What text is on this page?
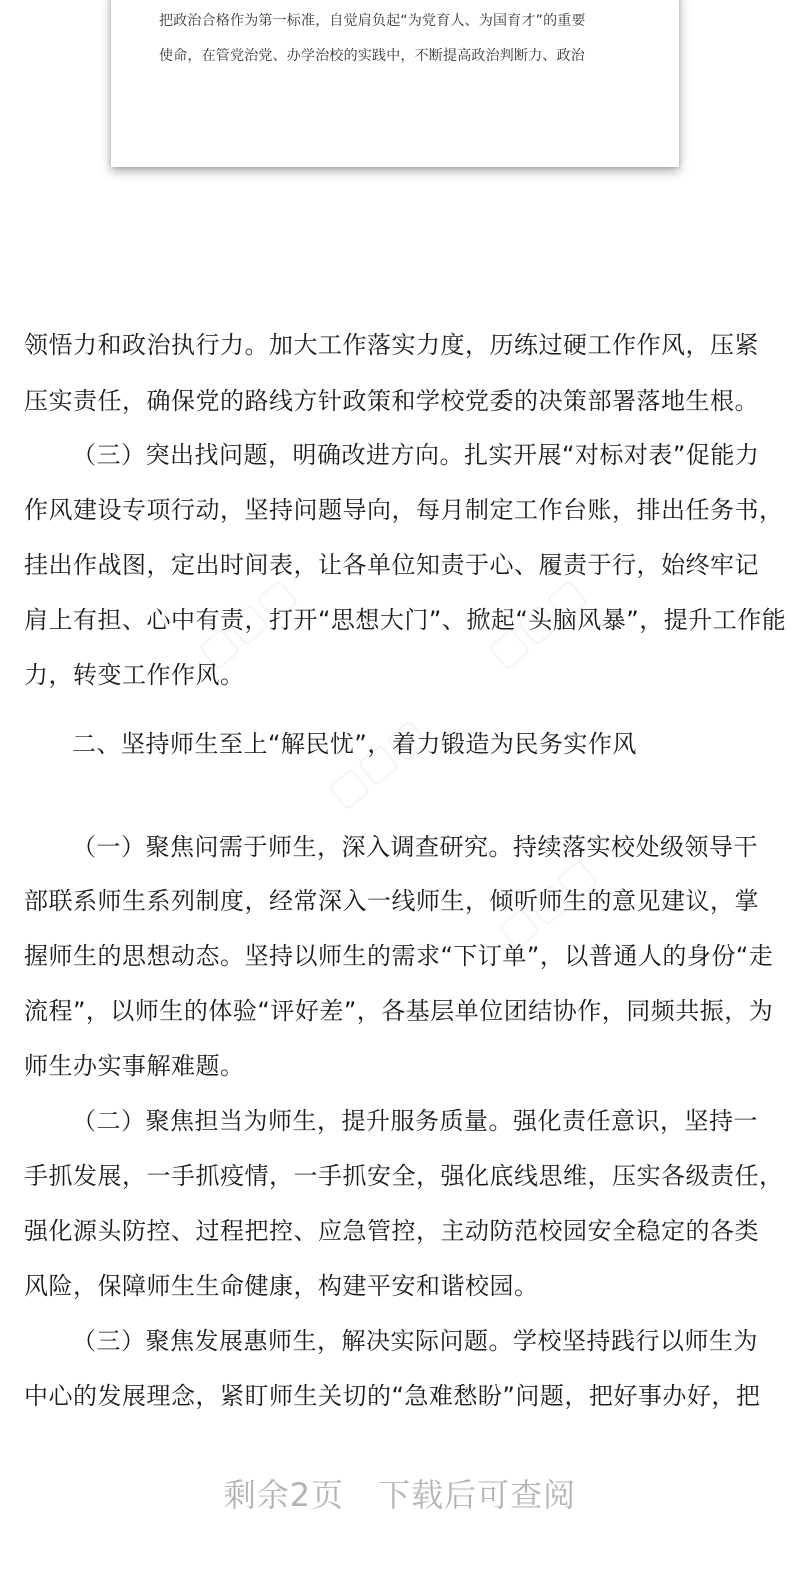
把政治合格作为第一标准，自觉肩负起“为党育人、为国育才”的重要
使命，在管党治党、办学治校的实践中，不断提高政治判断力、政治
▢▢▢	▢▢▢
▢▢▢
▢▢▢
领悟力和政治执行力。加大工作落实力度，历练过硬工作作风，压紧
压实责任，确保党的路线方针政策和学校党委的决策部署落地生根。
（三）突出找问题，明确改进方向。扎实开展“对标对表”促能力
作风建设专项行动，坚持问题导向，每月制定工作台账，排出任务书，
挂出作战图，定出时间表，让各单位知责于心、履责于行，始终牢记
肩上有担、心中有责，打开“思想大门”、掀起“头脑风暴”，提升工作能
力，转变工作作风。
二、坚持师生至上“解民忧”，着力锻造为民务实作风
（一）聚焦问需于师生，深入调查研究。持续落实校处级领导干
部联系师生系列制度，经常深入一线师生，倾听师生的意见建议，掌
握师生的思想动态。坚持以师生的需求“下订单”，以普通人的身份“走
流程”，以师生的体验“评好差”，各基层单位团结协作，同频共振，为
师生办实事解难题。
（二）聚焦担当为师生，提升服务质量。强化责任意识，坚持一
手抓发展，一手抓疫情，一手抓安全，强化底线思维，压实各级责任，
强化源头防控、过程把控、应急管控，主动防范校园安全稳定的各类
风险，保障师生生命健康，构建平安和谐校园。
（三）聚焦发展惠师生，解决实际问题。学校坚持践行以师生为
中心的发展理念，紧盯师生关切的“急难愁盼”问题，把好事办好，把
剩余2页 下载后可查阅
